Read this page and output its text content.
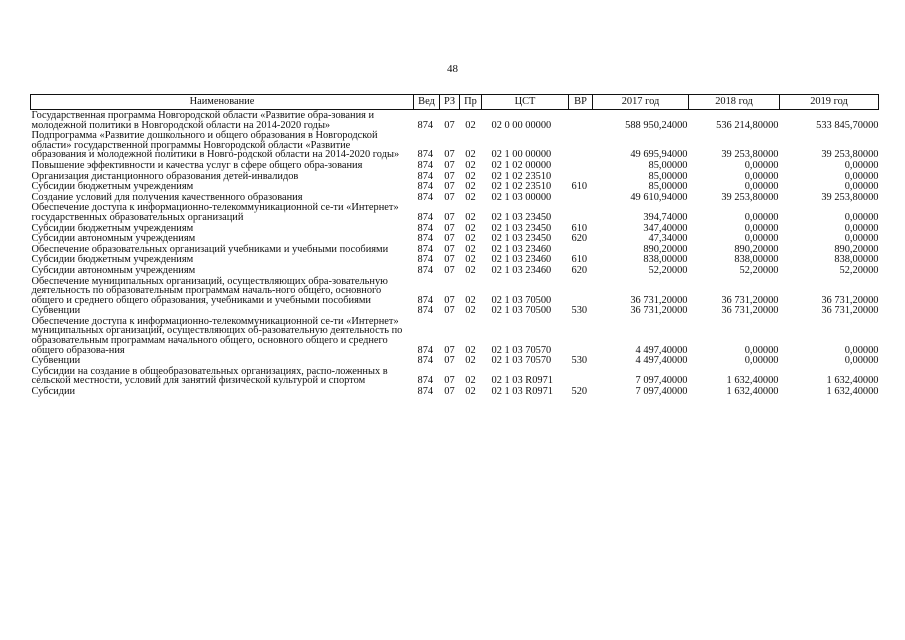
48
Наименование	Вед	РЗ	Пр	ЦСТ	ВР	2017 год	2018 год	2019 год
Государственная программа Новгородской области «Развитие обра-зования и молодежной политики в Новгородской области на 2014-2020 годы»	874	07	02	02 0 00 00000		588 950,24000	536 214,80000	533 845,70000
Подпрограмма «Развитие дошкольного и общего образования в Новгородской области» государственной программы Новгородской области «Развитие образования и молодежной политики в Новго-родской области на 2014-2020 годы»	874	07	02	02 1 00 00000		49 695,94000	39 253,80000	39 253,80000
Повышение эффективности и качества услуг в сфере общего обра-зования	874	07	02	02 1 02 00000		85,00000	0,00000	0,00000
Организация дистанционного образования детей-инвалидов	874	07	02	02 1 02 23510		85,00000	0,00000	0,00000
Субсидии бюджетным учреждениям	874	07	02	02 1 02 23510	610	85,00000	0,00000	0,00000
Создание условий для получения качественного образования	874	07	02	02 1 03 00000		49 610,94000	39 253,80000	39 253,80000
Обеспечение доступа к информационно-телекоммуникационной се-ти «Интернет» государственных образовательных организаций	874	07	02	02 1 03 23450		394,74000	0,00000	0,00000
Субсидии бюджетным учреждениям	874	07	02	02 1 03 23450	610	347,40000	0,00000	0,00000
Субсидии автономным учреждениям	874	07	02	02 1 03 23450	620	47,34000	0,00000	0,00000
Обеспечение образовательных организаций учебниками и учебными пособиями	874	07	02	02 1 03 23460		890,20000	890,20000	890,20000
Субсидии бюджетным учреждениям	874	07	02	02 1 03 23460	610	838,00000	838,00000	838,00000
Субсидии автономным учреждениям	874	07	02	02 1 03 23460	620	52,20000	52,20000	52,20000
Обеспечение муниципальных организаций, осуществляющих обра-зовательную деятельность по образовательным программам началь-ного общего, основного общего и среднего общего образования, учебниками и учебными пособиями	874	07	02	02 1 03 70500		36 731,20000	36 731,20000	36 731,20000
Субвенции	874	07	02	02 1 03 70500	530	36 731,20000	36 731,20000	36 731,20000
Обеспечение доступа к информационно-телекоммуникационной се-ти «Интернет» муниципальных организаций, осуществляющих об-разовательную деятельность по образовательным программам начального общего, основного общего и среднего общего образова-ния	874	07	02	02 1 03 70570		4 497,40000	0,00000	0,00000
Субвенции	874	07	02	02 1 03 70570	530	4 497,40000	0,00000	0,00000
Субсидии на создание в общеобразовательных организациях, распо-ложенных в сельской местности, условий для занятий физической культурой и спортом	874	07	02	02 1 03 R0971		7 097,40000	1 632,40000	1 632,40000
Субсидии	874	07	02	02 1 03 R0971	520	7 097,40000	1 632,40000	1 632,40000
